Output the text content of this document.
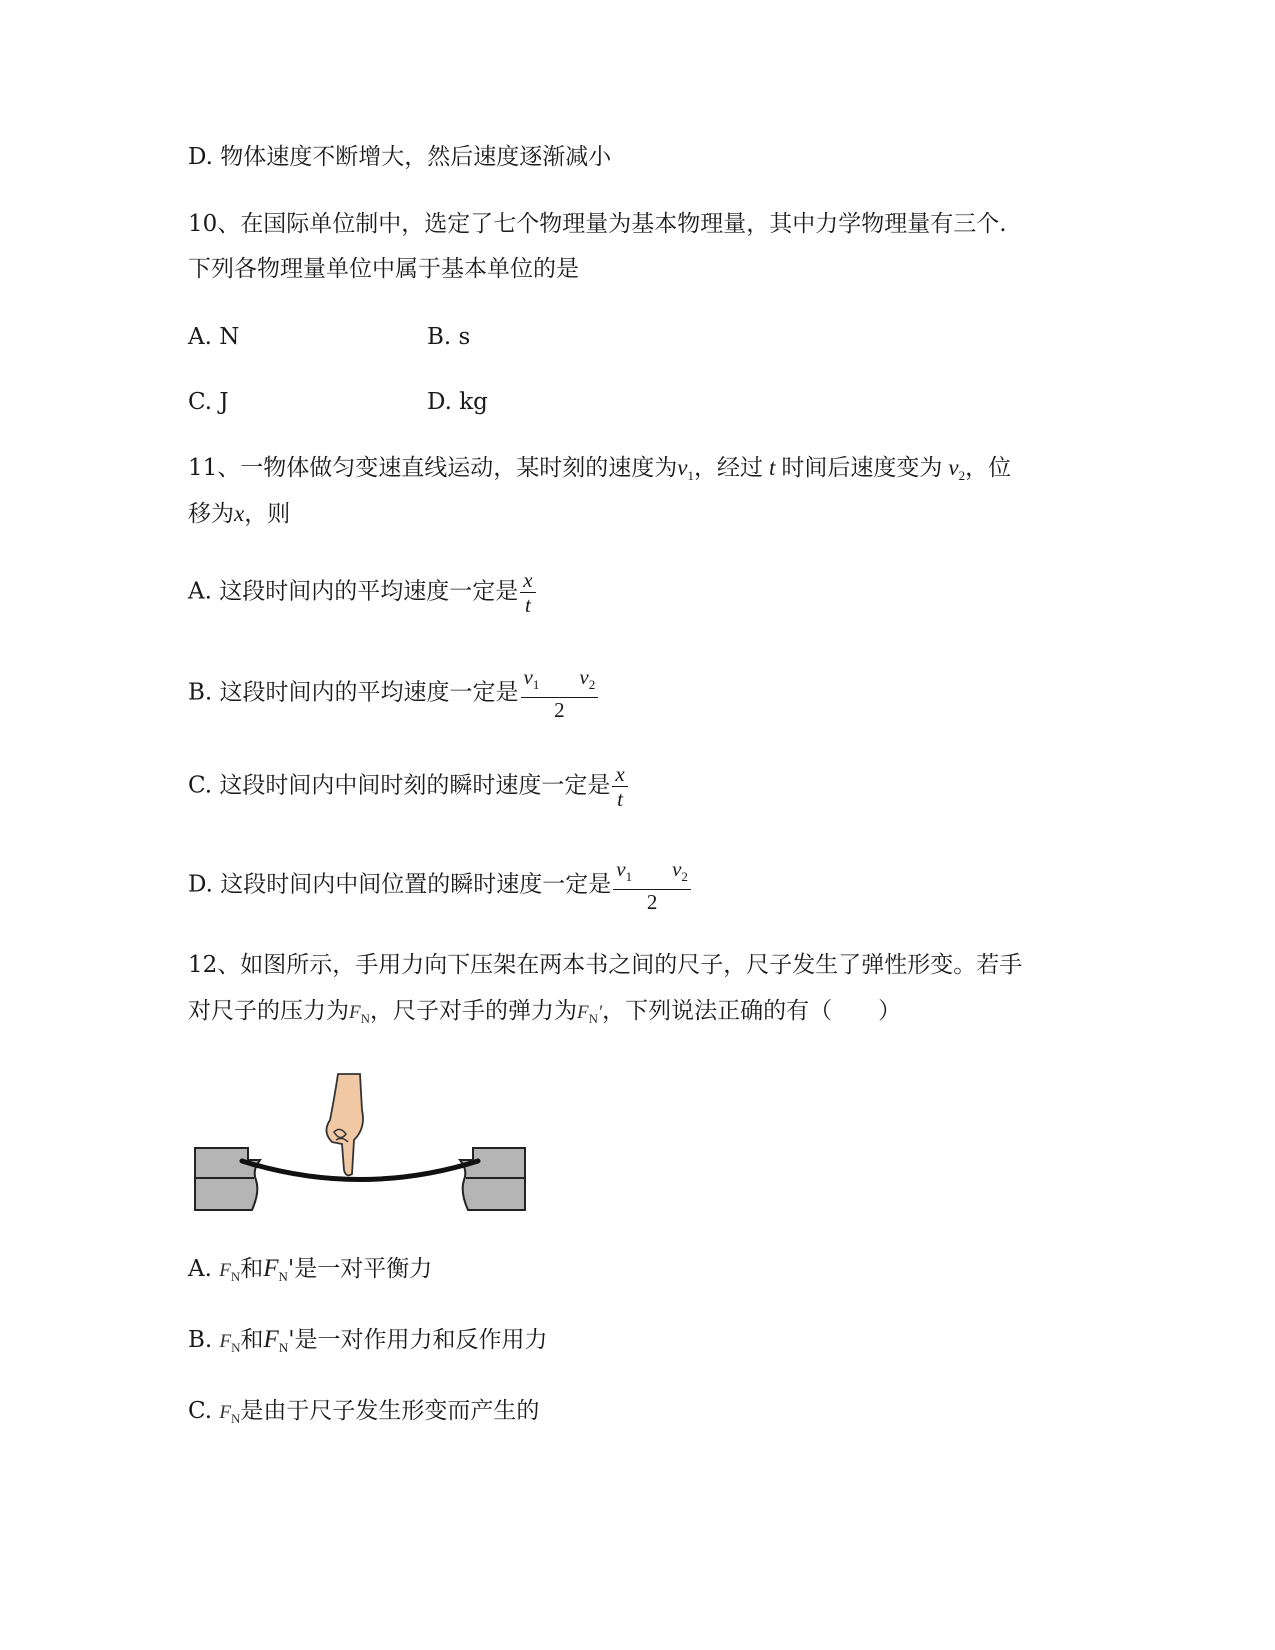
D. 物体速度不断增大，然后速度逐渐减小
10、在国际单位制中，选定了七个物理量为基本物理量，其中力学物理量有三个.
下列各物理量单位中属于基本单位的是
A. N	B. s
C. J	D. kg
11、一物体做匀变速直线运动，某时刻的速度为$v_1$，经过 t 时间后速度变为 $v_2$，位
移为x，则
A. 这段时间内的平均速度一定是 $\frac{x}{t}$
B. 这段时间内的平均速度一定是 $\frac{v_1 v_2}{2}$
C. 这段时间内中间时刻的瞬时速度一定是 $\frac{x}{t}$
D. 这段时间内中间位置的瞬时速度一定是 $\frac{v_1 v_2}{2}$
12、如图所示，手用力向下压架在两本书之间的尺子，尺子发生了弹性形变。若手
对尺子的压力为$F_N$，尺子对手的弹力为$F_N'$，下列说法正确的有（　　）
A. $F_N$和$F_N'$是一对平衡力
B. $F_N$和$F_N'$是一对作用力和反作用力
C. $F_N$是由于尺子发生形变而产生的
